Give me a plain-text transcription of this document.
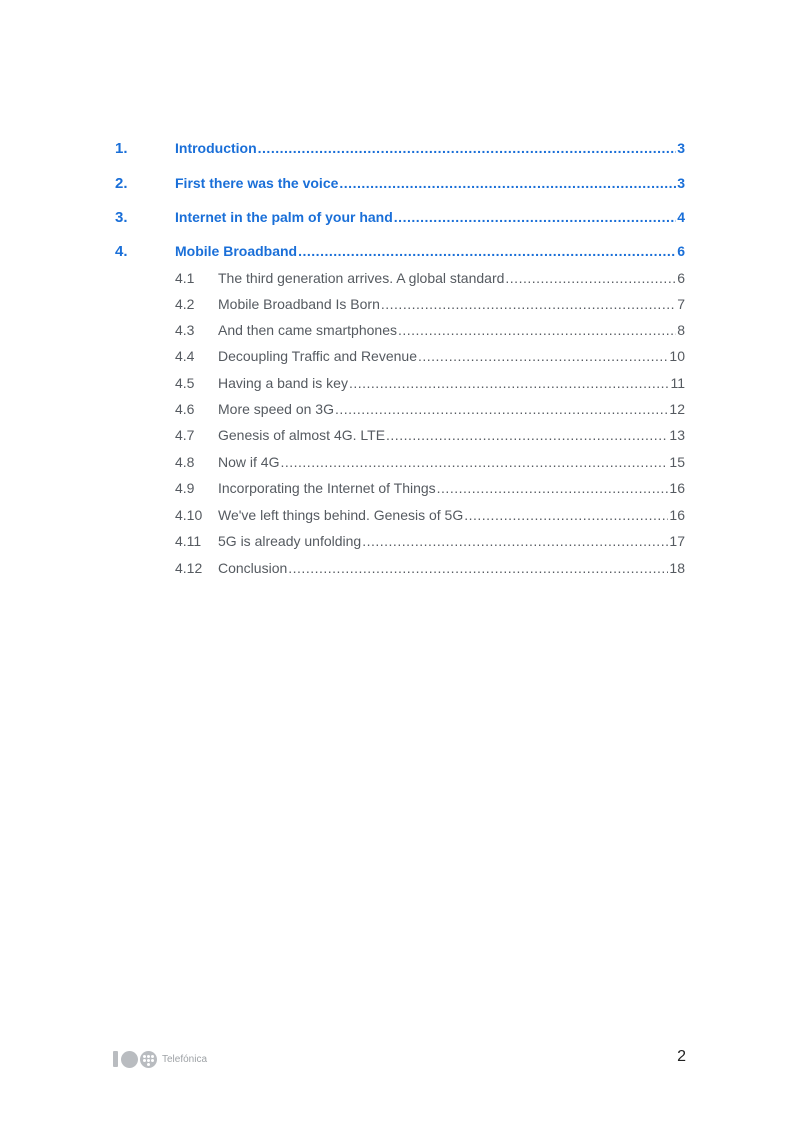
1.	Introduction .....	3
2.	First there was the voice .....	3
3.	Internet in the palm of your hand .....	4
4.	Mobile Broadband .....	6
4.1	The third generation arrives. A global standard .....	6
4.2	Mobile Broadband Is Born .....	7
4.3	And then came smartphones .....	8
4.4	Decoupling Traffic and Revenue .....	10
4.5	Having a band is key .....	11
4.6	More speed on 3G .....	12
4.7	Genesis of almost 4G. LTE .....	13
4.8	Now if 4G .....	15
4.9	Incorporating the Internet of Things .....	16
4.10	We've left things behind. Genesis of 5G .....	16
4.11	5G is already unfolding .....	17
4.12	Conclusion .....	18
Telefónica	2
